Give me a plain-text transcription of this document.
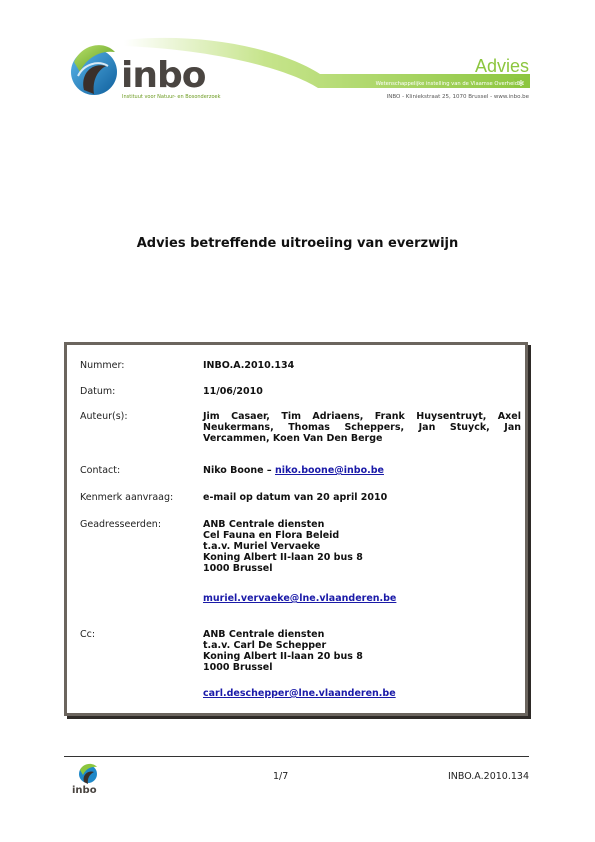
✻
inbo
Instituut voor Natuur- en Bosonderzoek
Advies
Wetenschappelijke instelling van de Vlaamse Overheid
INBO - Kliniekstraat 25, 1070 Brussel - www.inbo.be
Advies betreffende uitroeiing van everzwijn
Nummer:	INBO.A.2010.134
Datum:	11/06/2010
Auteur(s):	Jim Casaer, Tim Adriaens, Frank Huysentruyt, Axel Neukermans, Thomas Scheppers, Jan Stuyck, Jan Vercammen, Koen Van Den Berge
Contact:	Niko Boone – niko.boone@inbo.be
Kenmerk aanvraag:	e-mail op datum van 20 april 2010
Geadresseerden:	ANB Centrale diensten
Cel Fauna en Flora Beleid
t.a.v. Muriel Vervaeke
Koning Albert II-laan 20 bus 8
1000 Brussel
muriel.vervaeke@lne.vlaanderen.be
Cc:	ANB Centrale diensten
t.a.v. Carl De Schepper
Koning Albert II-laan 20 bus 8
1000 Brussel
carl.deschepper@lne.vlaanderen.be
inbo
1/7	INBO.A.2010.134
